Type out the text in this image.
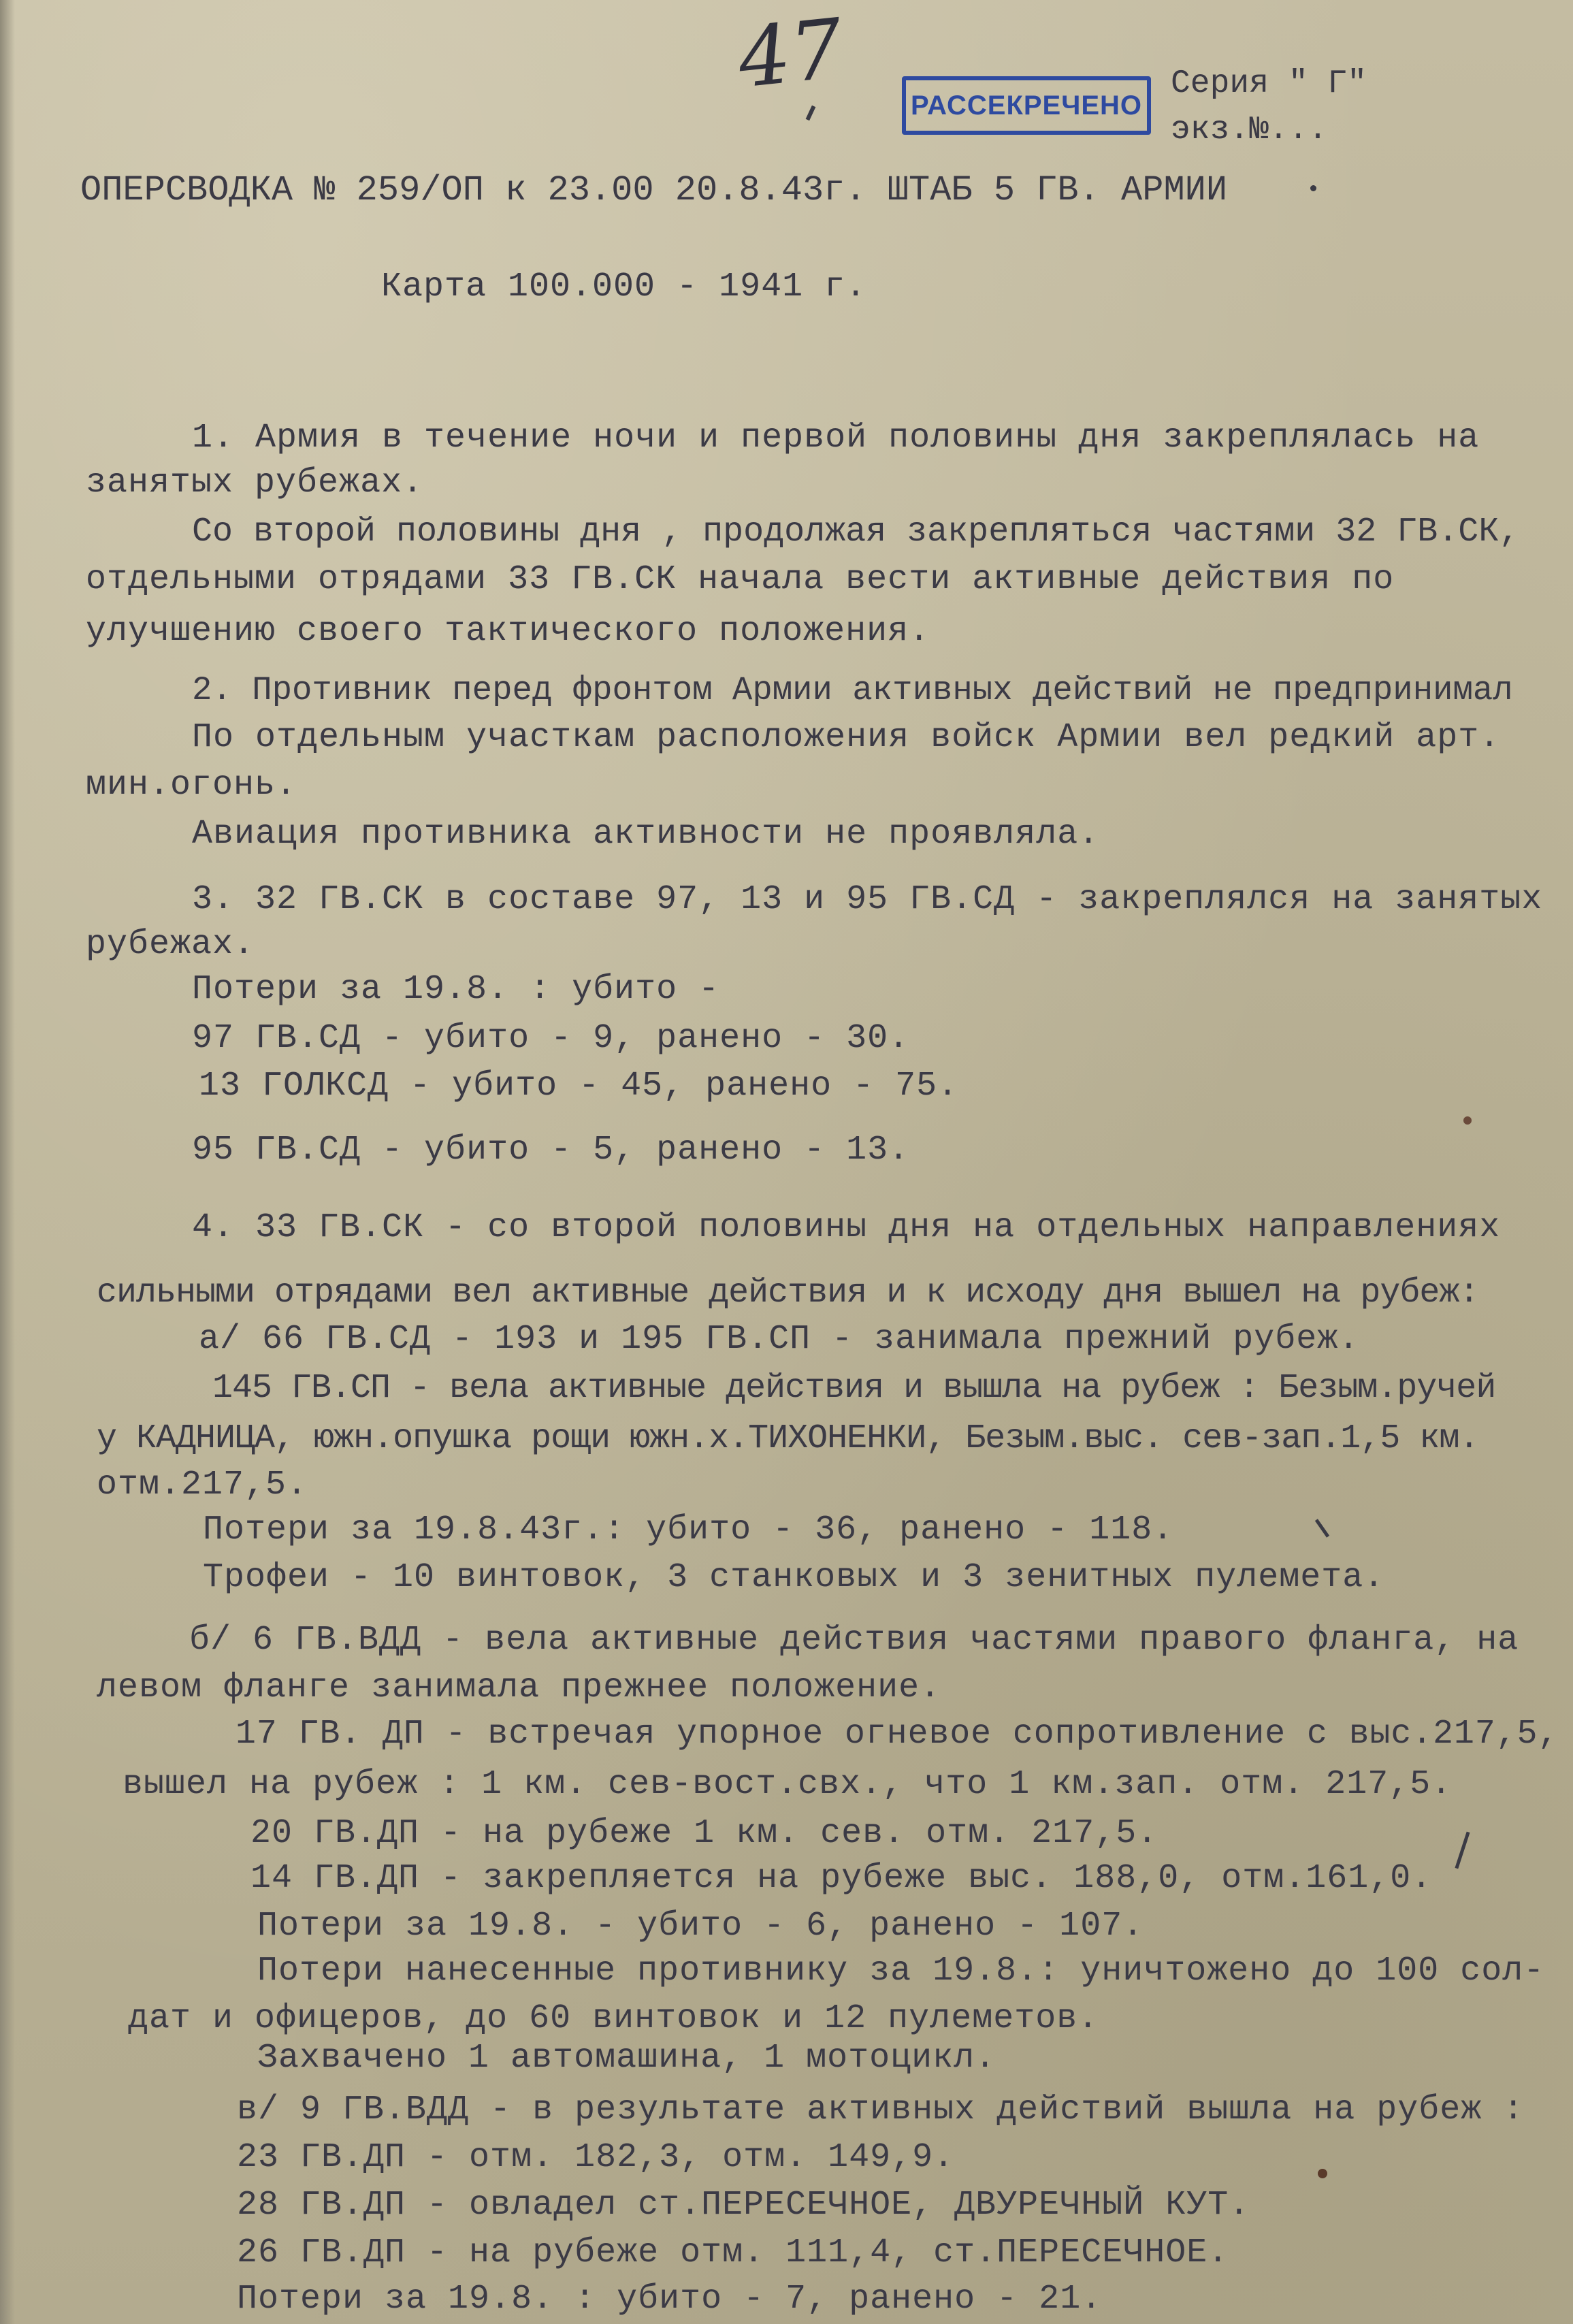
47	РАССЕКРЕЧЕНО
Серия " Г"
экз.№...
ОПЕРСВОДКА № 259/ОП к 23.00 20.8.43г. ШТАБ 5 ГВ. АРМИИ
Карта 100.000 - 1941 г.
1. Армия в течение ночи и первой половины дня закреплялась на
занятых рубежах.
Со второй половины дня , продолжая закрепляться частями 32 ГВ.СК,
отдельными отрядами 33 ГВ.СК начала вести активные действия по
улучшению своего тактического положения.
2. Противник перед фронтом Армии активных действий не предпринимал
По отдельным участкам расположения войск Армии вел редкий арт.
мин.огонь.
Авиация противника активности не проявляла.
3. 32 ГВ.СК в составе 97, 13 и 95 ГВ.СД - закреплялся на занятых
рубежах.
Потери за 19.8. : убито -
97 ГВ.СД - убито - 9, ранено - 30.
13 ГОЛКСД - убито - 45, ранено - 75.
95 ГВ.СД - убито - 5, ранено - 13.
4. 33 ГВ.СК - со второй половины дня на отдельных направлениях
сильными отрядами вел активные действия и к исходу дня вышел на рубеж:
а/ 66 ГВ.СД - 193 и 195 ГВ.СП - занимала прежний рубеж.
145 ГВ.СП - вела активные действия и вышла на рубеж : Безым.ручей
у КАДНИЦА, южн.опушка рощи южн.х.ТИХОНЕНКИ, Безым.выс. сев-зап.1,5 км.
отм.217,5.
Потери за 19.8.43г.: убито - 36, ранено - 118.
Трофеи - 10 винтовок, 3 станковых и 3 зенитных пулемета.
б/ 6 ГВ.ВДД - вела активные действия частями правого фланга, на
левом фланге занимала прежнее положение.
17 ГВ. ДП - встречая упорное огневое сопротивление с выс.217,5,
вышел на рубеж : 1 км. сев-вост.свх., что 1 км.зап. отм. 217,5.
20 ГВ.ДП - на рубеже 1 км. сев. отм. 217,5.
14 ГВ.ДП - закрепляется на рубеже выс. 188,0, отм.161,0.
Потери за 19.8. - убито - 6, ранено - 107.
Потери нанесенные противнику за 19.8.: уничтожено до 100 сол-
дат и офицеров, до 60 винтовок и 12 пулеметов.
Захвачено 1 автомашина, 1 мотоцикл.
в/ 9 ГВ.ВДД - в результате активных действий вышла на рубеж :
23 ГВ.ДП - отм. 182,3, отм. 149,9.
28 ГВ.ДП - овладел ст.ПЕРЕСЕЧНОЕ, ДВУРЕЧНЫЙ КУТ.
26 ГВ.ДП - на рубеже отм. 111,4, ст.ПЕРЕСЕЧНОЕ.
Потери за 19.8. : убито - 7, ранено - 21.
